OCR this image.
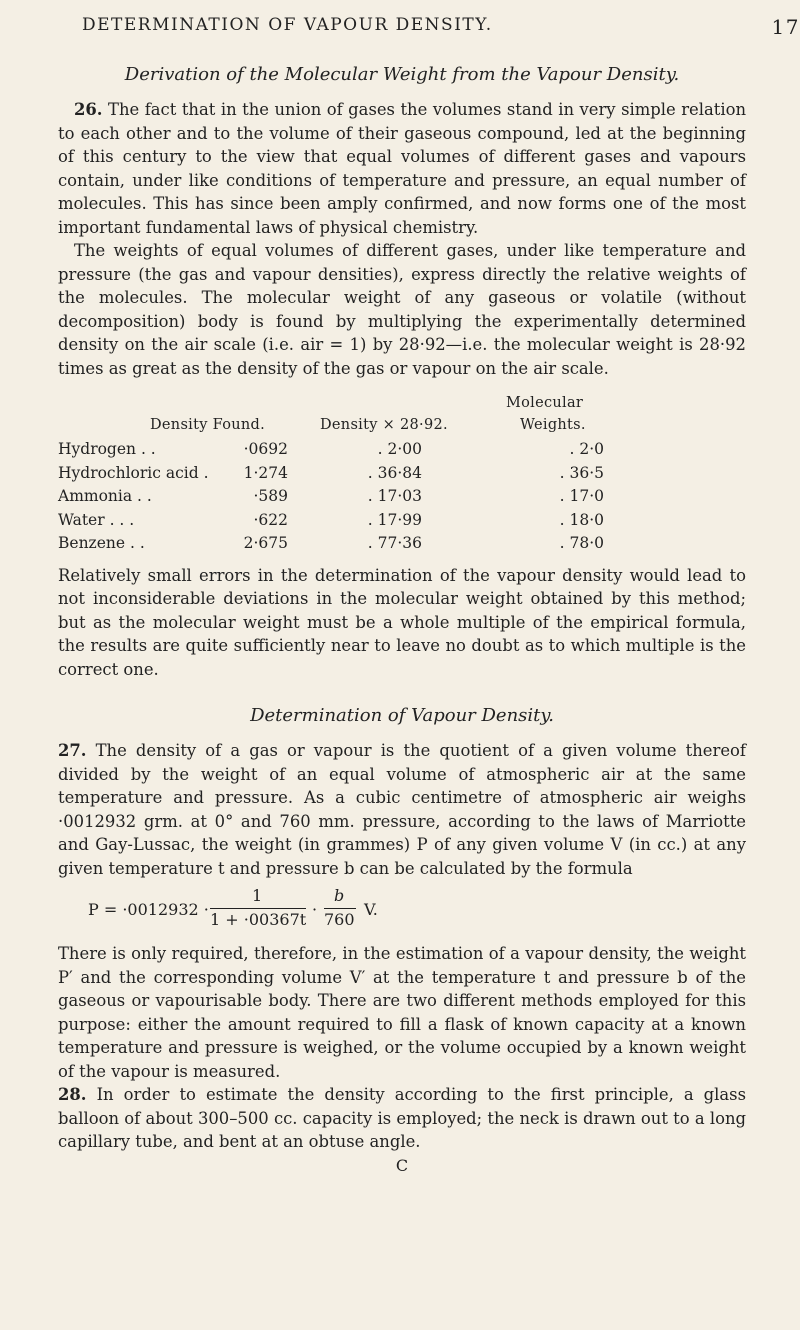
DETERMINATION OF VAPOUR DENSITY.	17
Derivation of the Molecular Weight from the Vapour Density.

26. The fact that in the union of gases the volumes stand in very simple relation to each other and to the volume of their gaseous compound, led at the beginning of this century to the view that equal volumes of different gases and vapours contain, under like conditions of temperature and pressure, an equal number of molecules. This has since been amply confirmed, and now forms one of the most important fundamental laws of physical chemistry.

The weights of equal volumes of different gases, under like temperature and pressure (the gas and vapour densities), express directly the relative weights of the molecules. The molecular weight of any gaseous or volatile (without decomposition) body is found by multiplying the experimentally determined density on the air scale (i.e. air = 1) by 28·92—i.e. the molecular weight is 28·92 times as great as the density of the gas or vapour on the air scale.

Molecular
Density Found.	Density × 28·92.	Weights.
Hydrogen . .	·0692	. 2·00	. 2·0
Hydrochloric acid .	1·274	. 36·84	. 36·5
Ammonia . .	·589	. 17·03	. 17·0
Water . . .	·622	. 17·99	. 18·0
Benzene . .	2·675	. 77·36	. 78·0

Relatively small errors in the determination of the vapour density would lead to not inconsiderable deviations in the molecular weight obtained by this method; but as the molecular weight must be a whole multiple of the empirical formula, the results are quite sufficiently near to leave no doubt as to which multiple is the correct one.

Determination of Vapour Density.

27. The density of a gas or vapour is the quotient of a given volume thereof divided by the weight of an equal volume of atmospheric air at the same temperature and pressure. As a cubic centimetre of atmospheric air weighs ·0012932 grm. at 0° and 760 mm. pressure, according to the laws of Marriotte and Gay-Lussac, the weight (in grammes) P of any given volume V (in cc.) at any given temperature t and pressure b can be calculated by the formula

P = ·0012932 ·
1
1 + ·00367t
·
b
760
V.

There is only required, therefore, in the estimation of a vapour density, the weight P′ and the corresponding volume V′ at the temperature t and pressure b of the gaseous or vapourisable body. There are two different methods employed for this purpose: either the amount required to fill a flask of known capacity at a known temperature and pressure is weighed, or the volume occupied by a known weight of the vapour is measured.

28. In order to estimate the density according to the first principle, a glass balloon of about 300–500 cc. capacity is employed; the neck is drawn out to a long capillary tube, and bent at an obtuse angle.

C
